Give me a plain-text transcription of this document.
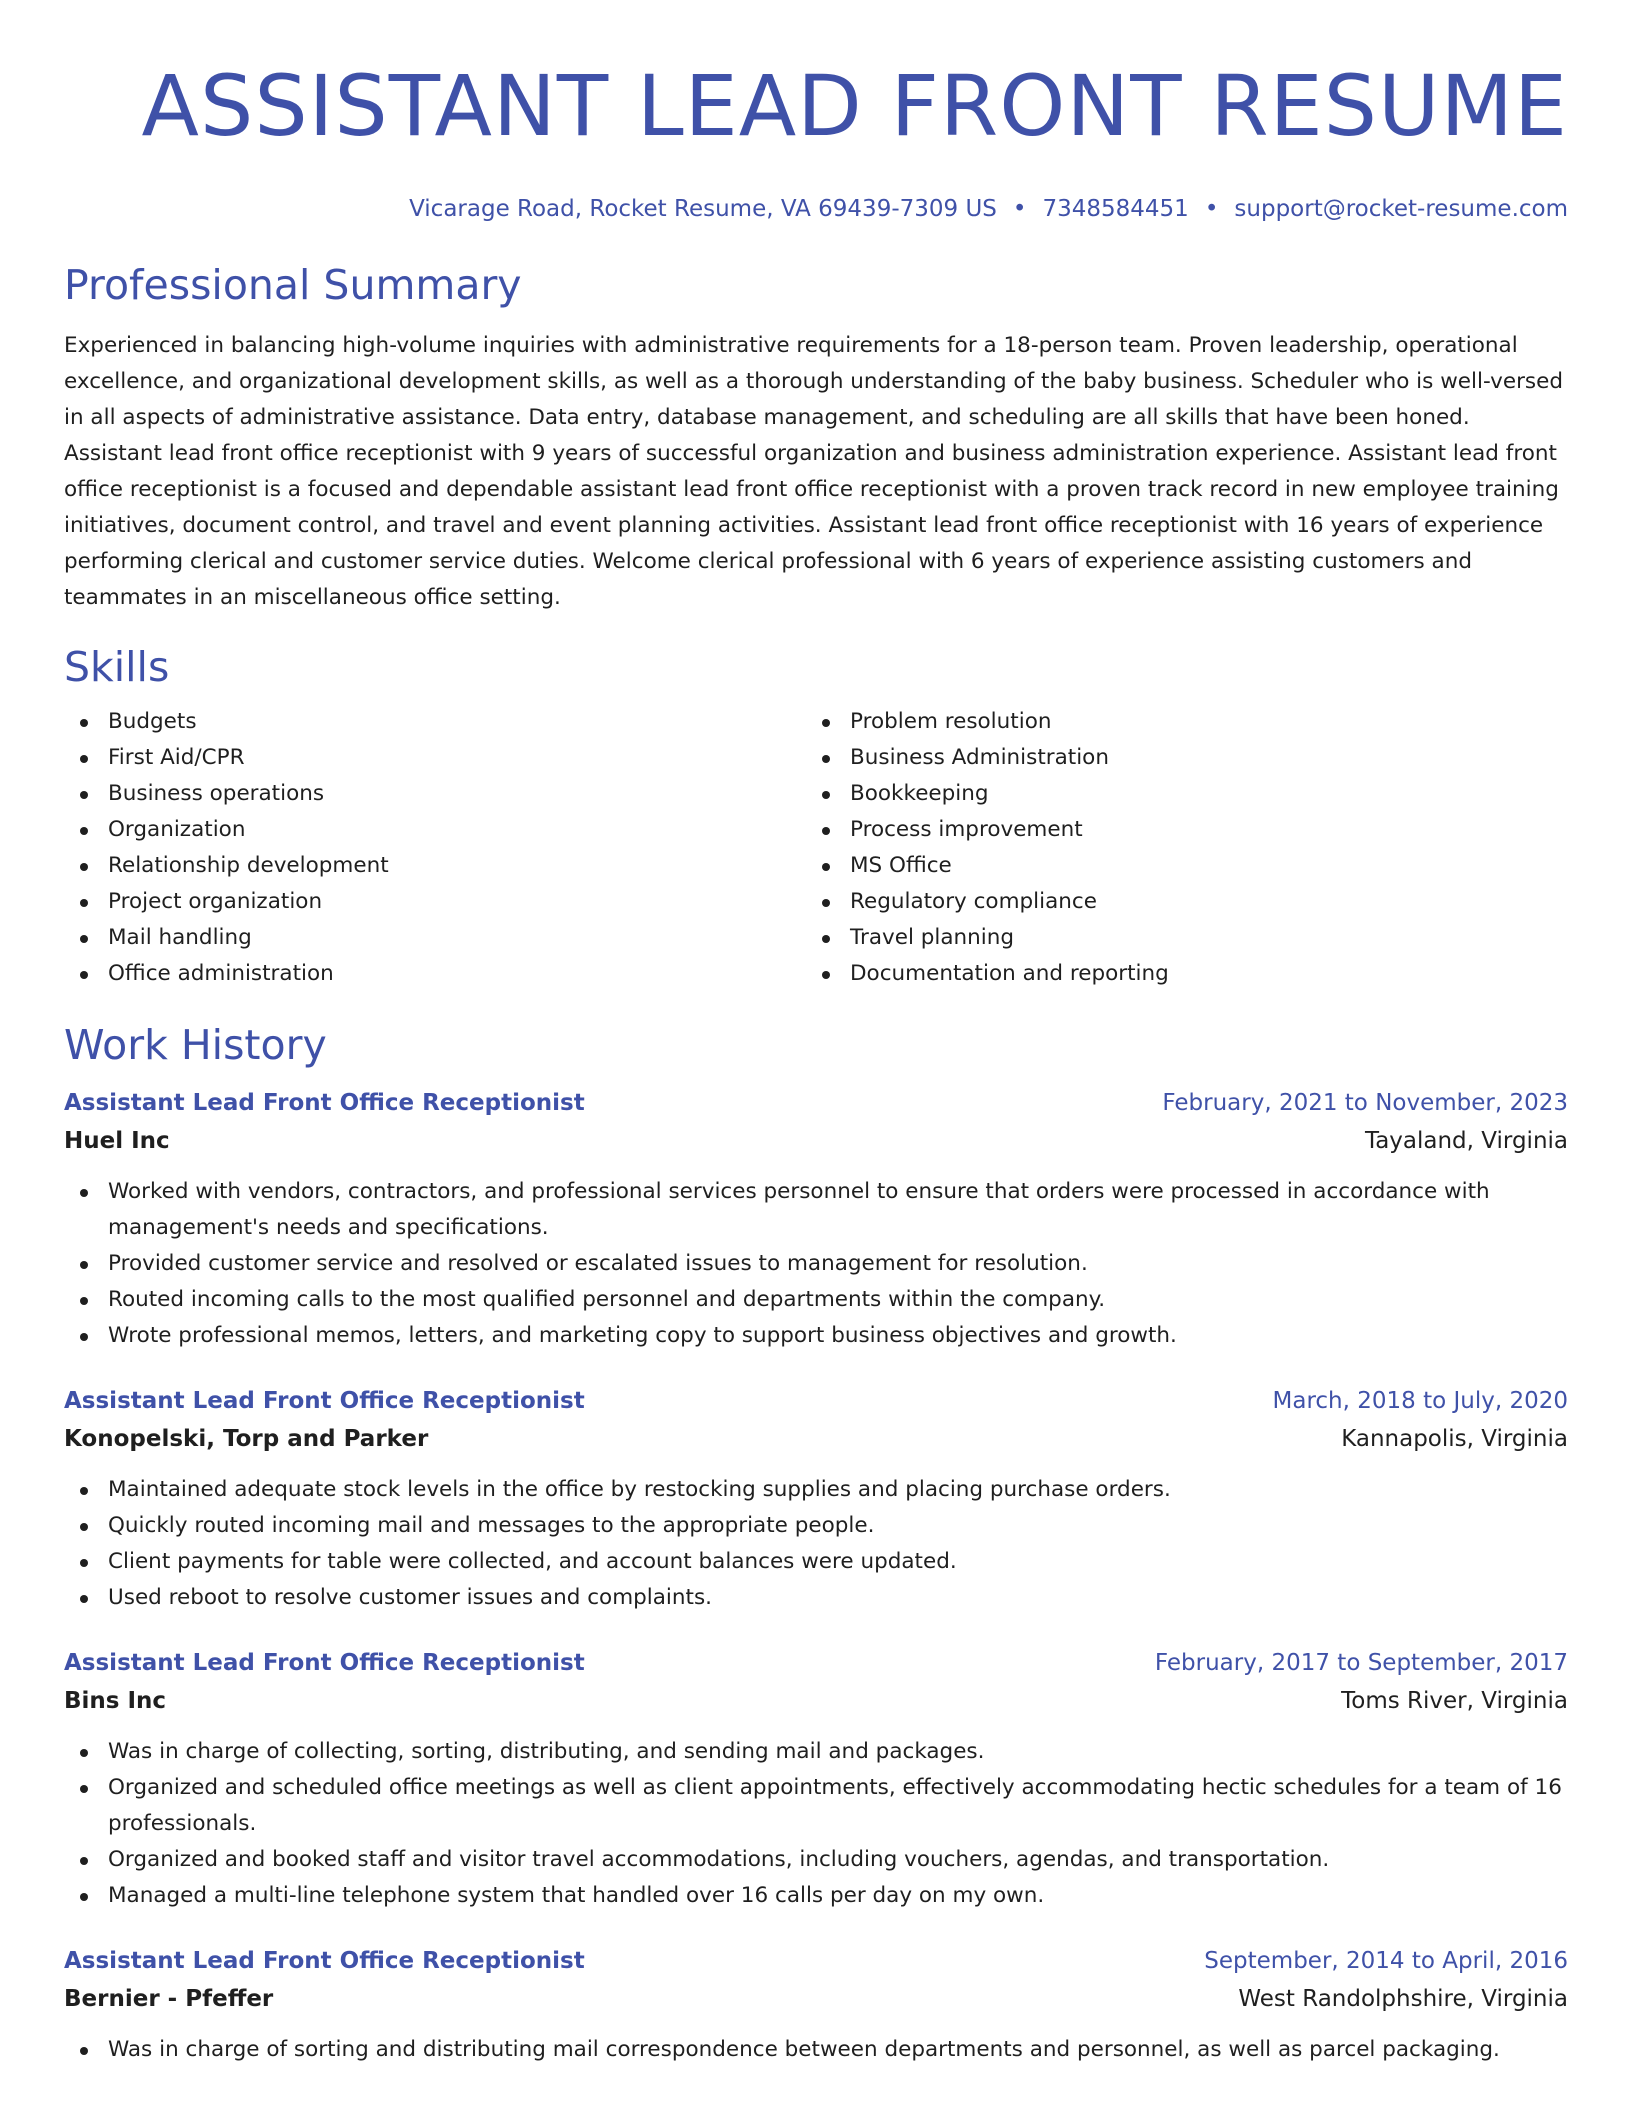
ASSISTANT LEAD FRONT RESUME
Vicarage Road, Rocket Resume, VA 69439-7309 US • 7348584451 • support@rocket-resume.com
Professional Summary

Experienced in balancing high-volume inquiries with administrative requirements for a 18-person team. Proven leadership, operational excellence, and organizational development skills, as well as a thorough understanding of the baby business. Scheduler who is well-versed in all aspects of administrative assistance. Data entry, database management, and scheduling are all skills that have been honed. Assistant lead front office receptionist with 9 years of successful organization and business administration experience. Assistant lead front office receptionist is a focused and dependable assistant lead front office receptionist with a proven track record in new employee training initiatives, document control, and travel and event planning activities. Assistant lead front office receptionist with 16 years of experience performing clerical and customer service duties. Welcome clerical professional with 6 years of experience assisting customers and teammates in an miscellaneous office setting.

Skills
Budgets
First Aid/CPR
Business operations
Organization
Relationship development
Project organization
Mail handling
Office administration
Problem resolution
Business Administration
Bookkeeping
Process improvement
MS Office
Regulatory compliance
Travel planning
Documentation and reporting
Work History
Assistant Lead Front Office Receptionist	February, 2021 to November, 2023
Huel Inc	Tayaland, Virginia
Worked with vendors, contractors, and professional services personnel to ensure that orders were processed in accordance with management's needs and specifications.
Provided customer service and resolved or escalated issues to management for resolution.
Routed incoming calls to the most qualified personnel and departments within the company.
Wrote professional memos, letters, and marketing copy to support business objectives and growth.
Assistant Lead Front Office Receptionist	March, 2018 to July, 2020
Konopelski, Torp and Parker	Kannapolis, Virginia
Maintained adequate stock levels in the office by restocking supplies and placing purchase orders.
Quickly routed incoming mail and messages to the appropriate people.
Client payments for table were collected, and account balances were updated.
Used reboot to resolve customer issues and complaints.
Assistant Lead Front Office Receptionist	February, 2017 to September, 2017
Bins Inc	Toms River, Virginia
Was in charge of collecting, sorting, distributing, and sending mail and packages.
Organized and scheduled office meetings as well as client appointments, effectively accommodating hectic schedules for a team of 16 professionals.
Organized and booked staff and visitor travel accommodations, including vouchers, agendas, and transportation.
Managed a multi-line telephone system that handled over 16 calls per day on my own.
Assistant Lead Front Office Receptionist	September, 2014 to April, 2016
Bernier - Pfeffer	West Randolphshire, Virginia
Was in charge of sorting and distributing mail correspondence between departments and personnel, as well as parcel packaging.
